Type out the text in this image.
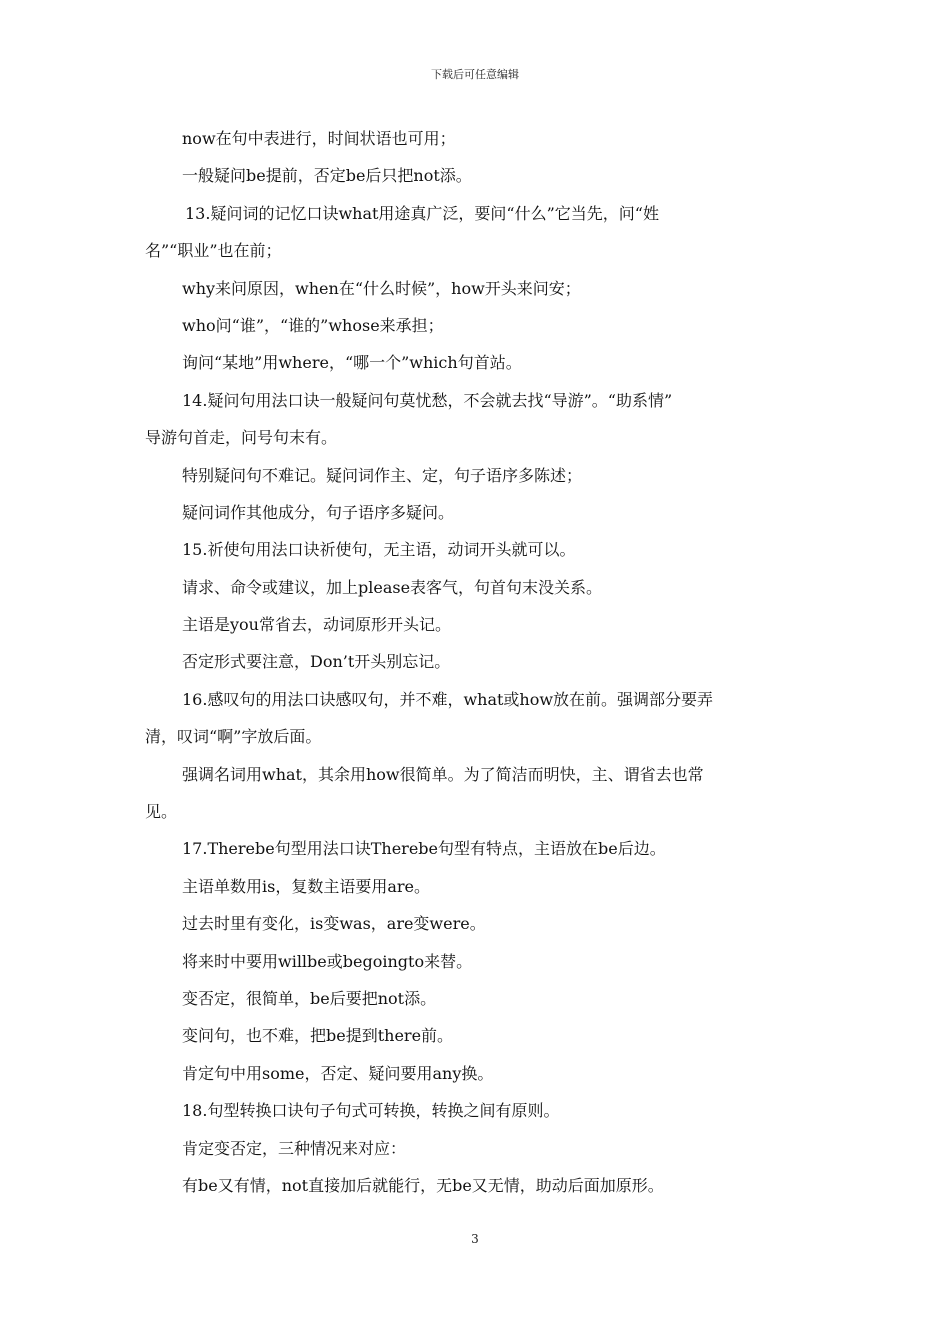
下载后可任意编辑
now在句中表进行，时间状语也可用；
一般疑问be提前，否定be后只把not添。
13.疑问词的记忆口诀what用途真广泛，要问“什么”它当先，问“姓
名”“职业”也在前；
why来问原因，when在“什么时候”，how开头来问安；
who问“谁”，“谁的”whose来承担；
询问“某地”用where，“哪一个”which句首站。
14.疑问句用法口诀一般疑问句莫忧愁，不会就去找“导游”。“助系情”
导游句首走，问号句末有。
特别疑问句不难记。疑问词作主、定，句子语序多陈述；
疑问词作其他成分，句子语序多疑问。
15.祈使句用法口诀祈使句，无主语，动词开头就可以。
请求、命令或建议，加上please表客气，句首句末没关系。
主语是you常省去，动词原形开头记。
否定形式要注意，Don’t开头别忘记。
16.感叹句的用法口诀感叹句，并不难，what或how放在前。强调部分要弄
清，叹词“啊”字放后面。
强调名词用what，其余用how很简单。为了简洁而明快，主、谓省去也常
见。
17.Therebe句型用法口诀Therebe句型有特点，主语放在be后边。
主语单数用is，复数主语要用are。
过去时里有变化，is变was，are变were。
将来时中要用willbe或begoingto来替。
变否定，很简单，be后要把not添。
变问句，也不难，把be提到there前。
肯定句中用some，否定、疑问要用any换。
18.句型转换口诀句子句式可转换，转换之间有原则。
肯定变否定，三种情况来对应：
有be又有情，not直接加后就能行，无be又无情，助动后面加原形。
3
